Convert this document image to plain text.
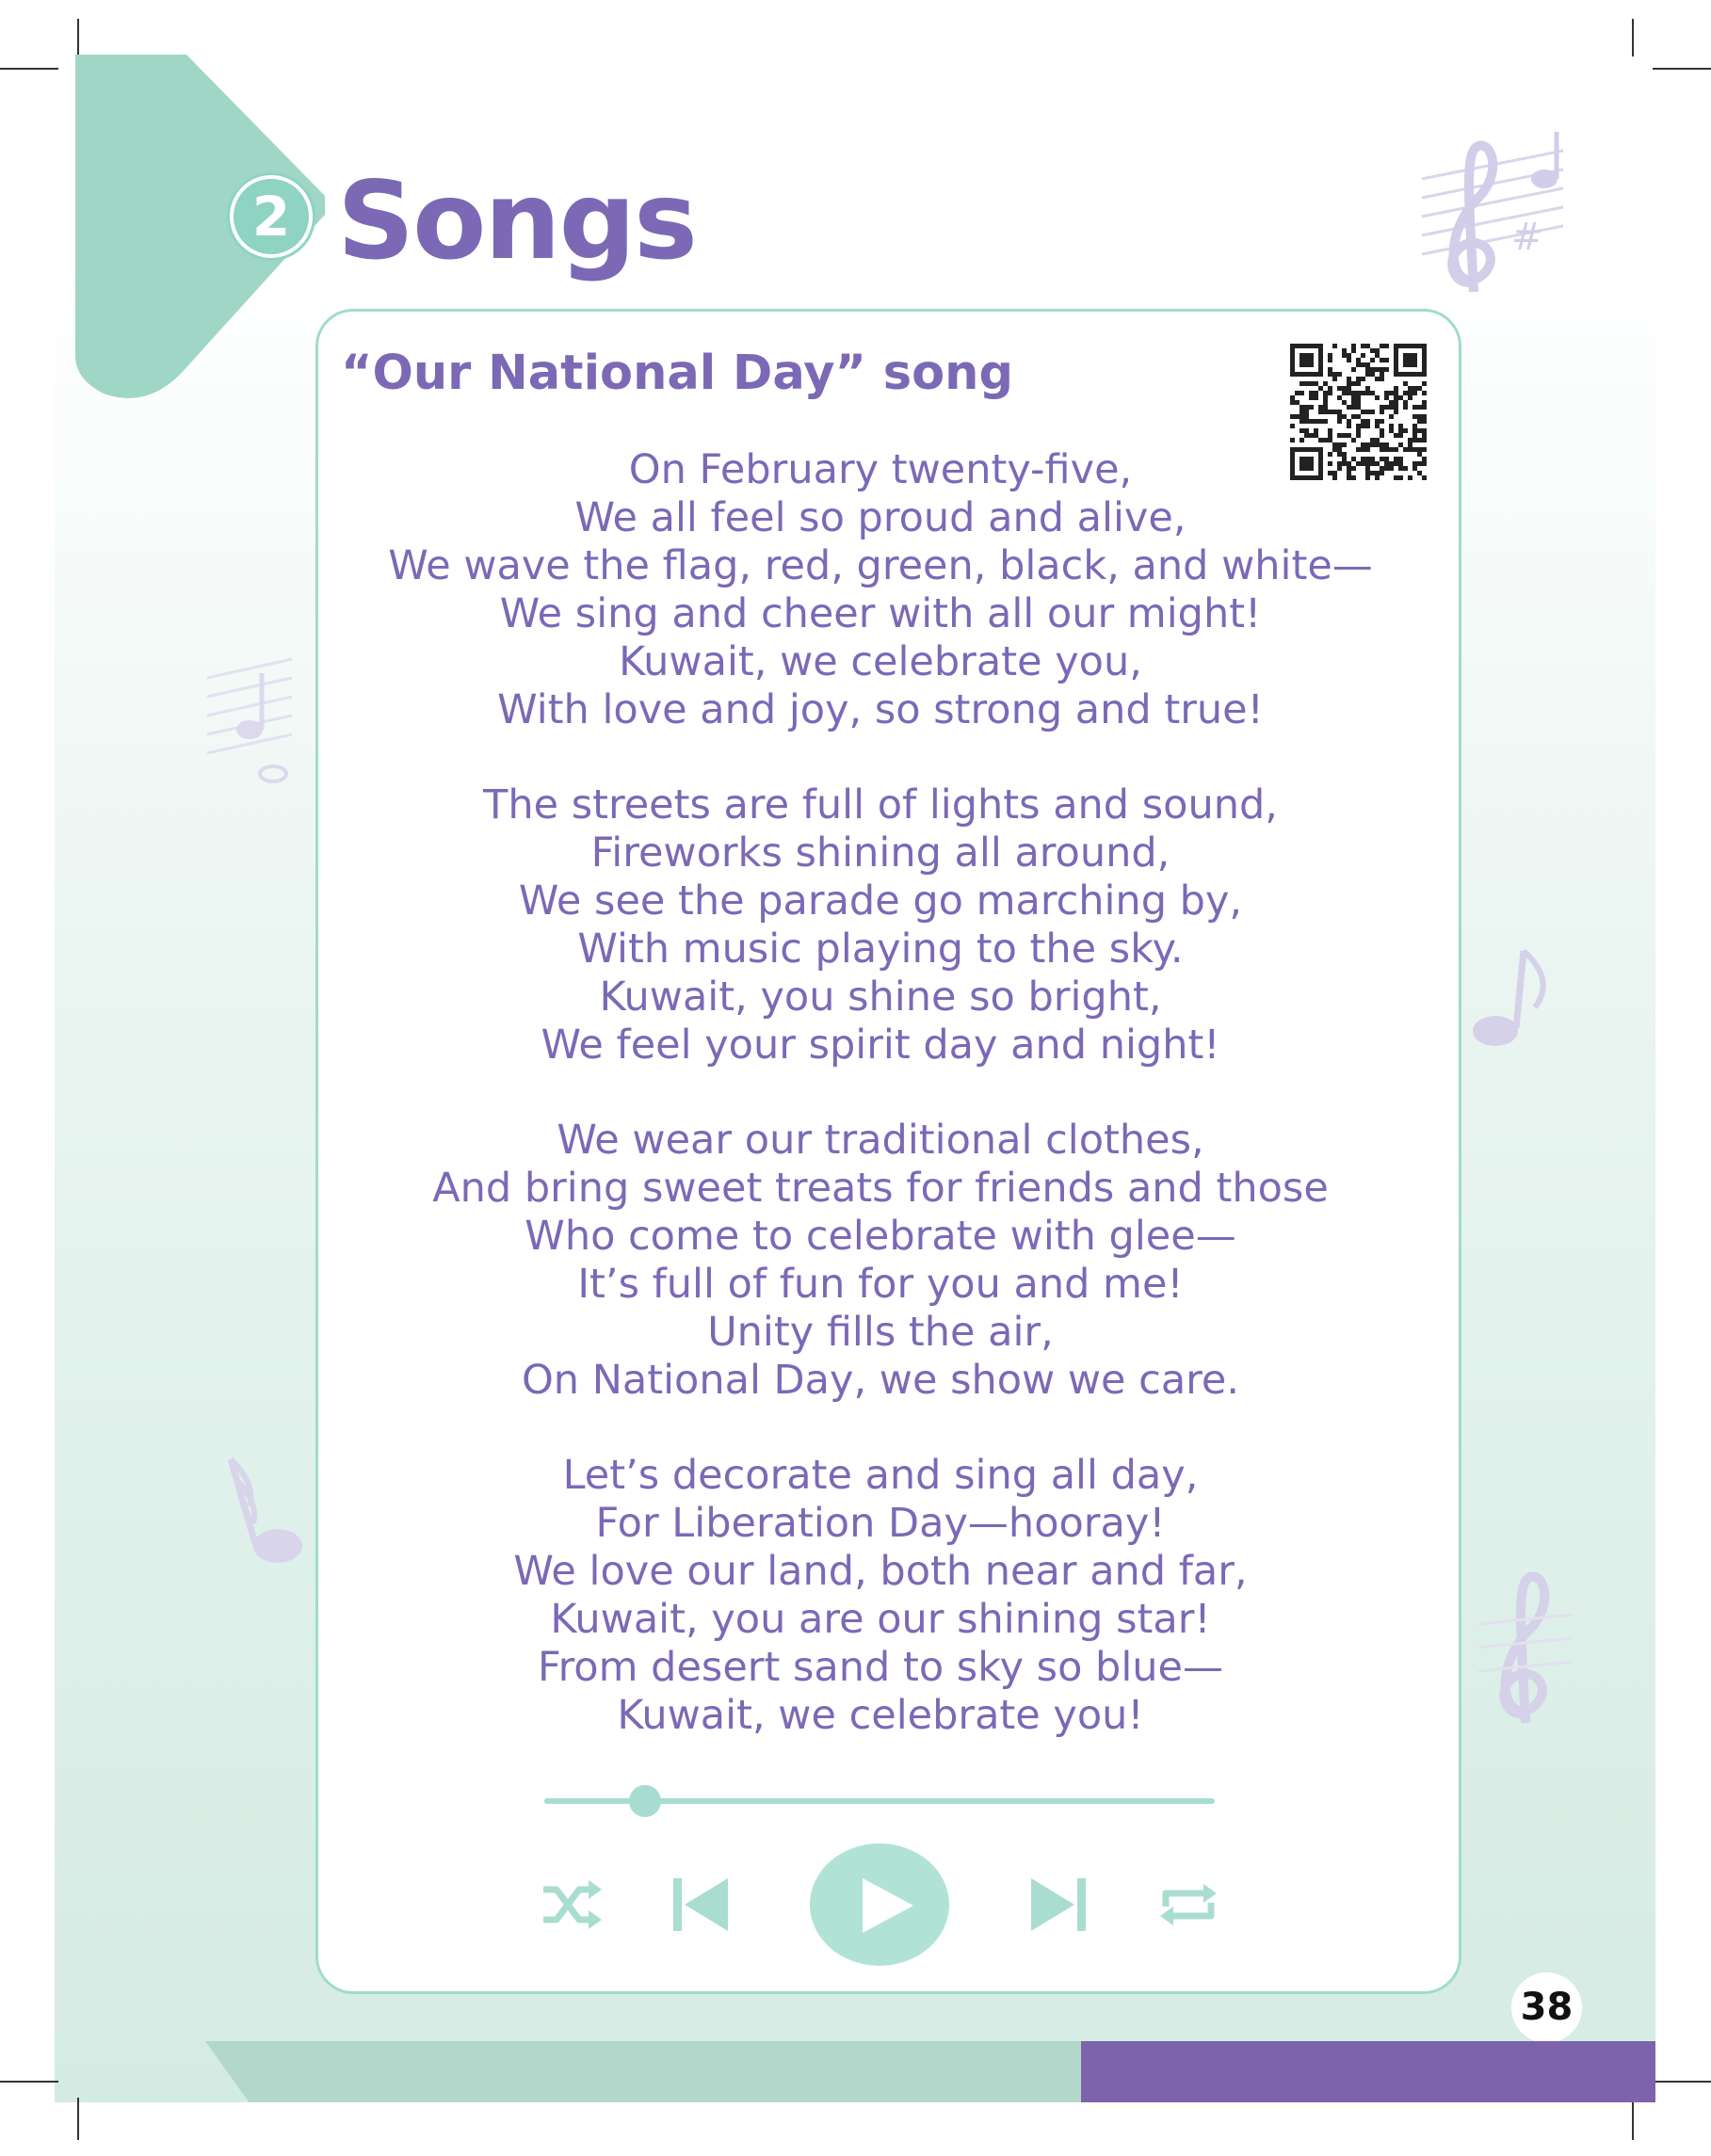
2 Songs	#
“Our National Day” song
On February twenty-five,
We all feel so proud and alive,
We wave the flag, red, green, black, and white—
We sing and cheer with all our might!
Kuwait, we celebrate you,
With love and joy, so strong and true!
The streets are full of lights and sound,
Fireworks shining all around,
We see the parade go marching by,
With music playing to the sky.
Kuwait, you shine so bright,
We feel your spirit day and night!
We wear our traditional clothes,
And bring sweet treats for friends and those
Who come to celebrate with glee—
It’s full of fun for you and me!
Unity fills the air,
On National Day, we show we care.
Let’s decorate and sing all day,
For Liberation Day—hooray!
We love our land, both near and far,
Kuwait, you are our shining star!
From desert sand to sky so blue—
Kuwait, we celebrate you!
38
